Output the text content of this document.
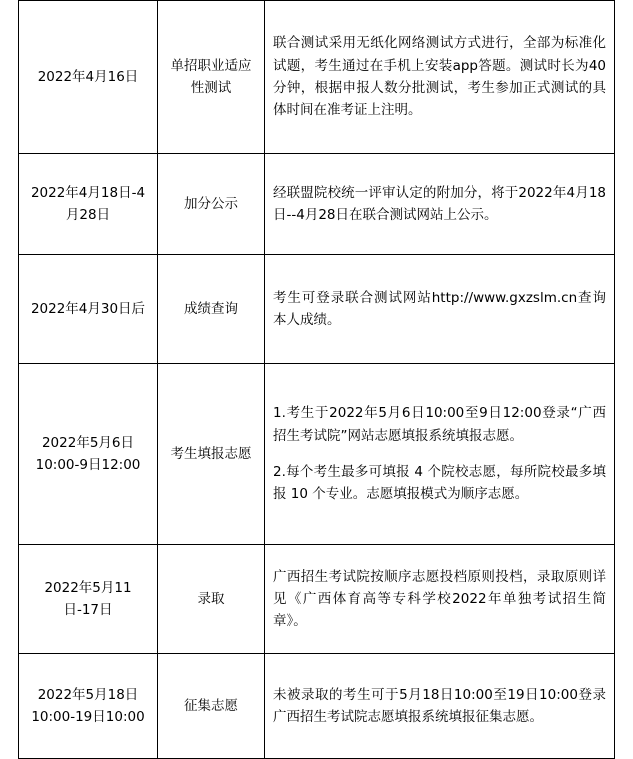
2022年4月16日	单招职业适应性测试	联合测试采用无纸化网络测试方式进行，全部为标准化试题，考生通过在手机上安装app答题。测试时长为40分钟，根据申报人数分批测试，考生参加正式测试的具体时间在准考证上注明。

2022年4月18日-4月28日	加分公示	经联盟院校统一评审认定的附加分，将于2022年4月18日--4月28日在联合测试网站上公示。

2022年4月30日后	成绩查询	考生可登录联合测试网站http://www.gxzslm.cn查询本人成绩。

2022年5月6日10:00-9日12:00	考生填报志愿	1.考生于2022年5月6日10:00至9日12:00登录“广西招生考试院”网站志愿填报系统填报志愿。

2.每个考生最多可填报 4 个院校志愿，每所院校最多填报 10 个专业。志愿填报模式为顺序志愿。

2022年5月11日-17日	录取	广西招生考试院按顺序志愿投档原则投档，录取原则详见《广西体育高等专科学校2022年单独考试招生简章》。

2022年5月18日10:00-19日10:00	征集志愿	未被录取的考生可于5月18日10:00至19日10:00登录广西招生考试院志愿填报系统填报征集志愿。
